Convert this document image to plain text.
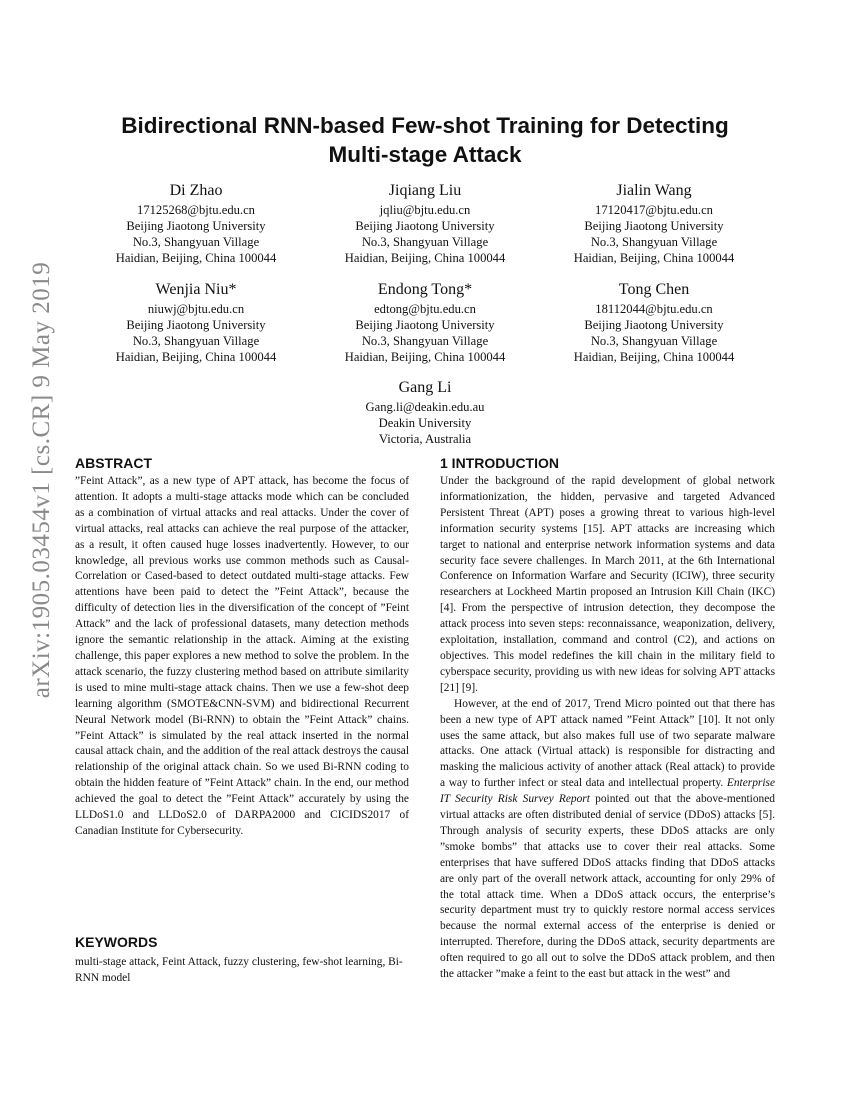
arXiv:1905.03454v1 [cs.CR] 9 May 2019
Bidirectional RNN-based Few-shot Training for Detecting
Multi-stage Attack
Di Zhao
17125268@bjtu.edu.cn
Beijing Jiaotong University
No.3, Shangyuan Village
Haidian, Beijing, China 100044
Jiqiang Liu
jqliu@bjtu.edu.cn
Beijing Jiaotong University
No.3, Shangyuan Village
Haidian, Beijing, China 100044
Jialin Wang
17120417@bjtu.edu.cn
Beijing Jiaotong University
No.3, Shangyuan Village
Haidian, Beijing, China 100044
Wenjia Niu*
niuwj@bjtu.edu.cn
Beijing Jiaotong University
No.3, Shangyuan Village
Haidian, Beijing, China 100044
Endong Tong*
edtong@bjtu.edu.cn
Beijing Jiaotong University
No.3, Shangyuan Village
Haidian, Beijing, China 100044
Tong Chen
18112044@bjtu.edu.cn
Beijing Jiaotong University
No.3, Shangyuan Village
Haidian, Beijing, China 100044
Gang Li
Gang.li@deakin.edu.au
Deakin University
Victoria, Australia
ABSTRACT

”Feint Attack”, as a new type of APT attack, has become the focus of attention. It adopts a multi-stage attacks mode which can be concluded as a combination of virtual attacks and real attacks. Under the cover of virtual attacks, real attacks can achieve the real purpose of the attacker, as a result, it often caused huge losses inadvertently. However, to our knowledge, all previous works use common methods such as Causal-Correlation or Cased-based to detect outdated multi-stage attacks. Few attentions have been paid to detect the ”Feint Attack”, because the difficulty of detection lies in the diversification of the concept of ”Feint Attack” and the lack of professional datasets, many detection methods ignore the semantic relationship in the attack. Aiming at the existing challenge, this paper explores a new method to solve the problem. In the attack scenario, the fuzzy clustering method based on attribute similarity is used to mine multi-stage attack chains. Then we use a few-shot deep learning algorithm (SMOTE&CNN-SVM) and bidirectional Recurrent Neural Network model (Bi-RNN) to obtain the ”Feint Attack” chains. ”Feint Attack” is simulated by the real attack inserted in the normal causal attack chain, and the addition of the real attack destroys the causal relationship of the original attack chain. So we used Bi-RNN coding to obtain the hidden feature of ”Feint Attack” chain. In the end, our method achieved the goal to detect the ”Feint Attack” accurately by using the LLDoS1.0 and LLDoS2.0 of DARPA2000 and CICIDS2017 of Canadian Institute for Cybersecurity.

KEYWORDS

multi-stage attack, Feint Attack, fuzzy clustering, few-shot learning, Bi-RNN model

1 INTRODUCTION

Under the background of the rapid development of global network informationization, the hidden, pervasive and targeted Advanced Persistent Threat (APT) poses a growing threat to various high-level information security systems [15]. APT attacks are increasing which target to national and enterprise network information systems and data security face severe challenges. In March 2011, at the 6th International Conference on Information Warfare and Security (ICIW), three security researchers at Lockheed Martin proposed an Intrusion Kill Chain (IKC) [4]. From the perspective of intrusion detection, they decompose the attack process into seven steps: reconnaissance, weaponization, delivery, exploitation, installation, command and control (C2), and actions on objectives. This model redefines the kill chain in the military field to cyberspace security, providing us with new ideas for solving APT attacks [21] [9].

However, at the end of 2017, Trend Micro pointed out that there has been a new type of APT attack named ”Feint Attack” [10]. It not only uses the same attack, but also makes full use of two separate malware attacks. One attack (Virtual attack) is responsible for distracting and masking the malicious activity of another attack (Real attack) to provide a way to further infect or steal data and intellectual property. Enterprise IT Security Risk Survey Report pointed out that the above-mentioned virtual attacks are often distributed denial of service (DDoS) attacks [5]. Through analysis of security experts, these DDoS attacks are only ”smoke bombs” that attacks use to cover their real attacks. Some enterprises that have suffered DDoS attacks finding that DDoS attacks are only part of the overall network attack, accounting for only 29% of the total attack time. When a DDoS attack occurs, the enterprise’s security department must try to quickly restore normal access services because the normal external access of the enterprise is denied or interrupted. Therefore, during the DDoS attack, security departments are often required to go all out to solve the DDoS attack problem, and then the attacker ”make a feint to the east but attack in the west” and
